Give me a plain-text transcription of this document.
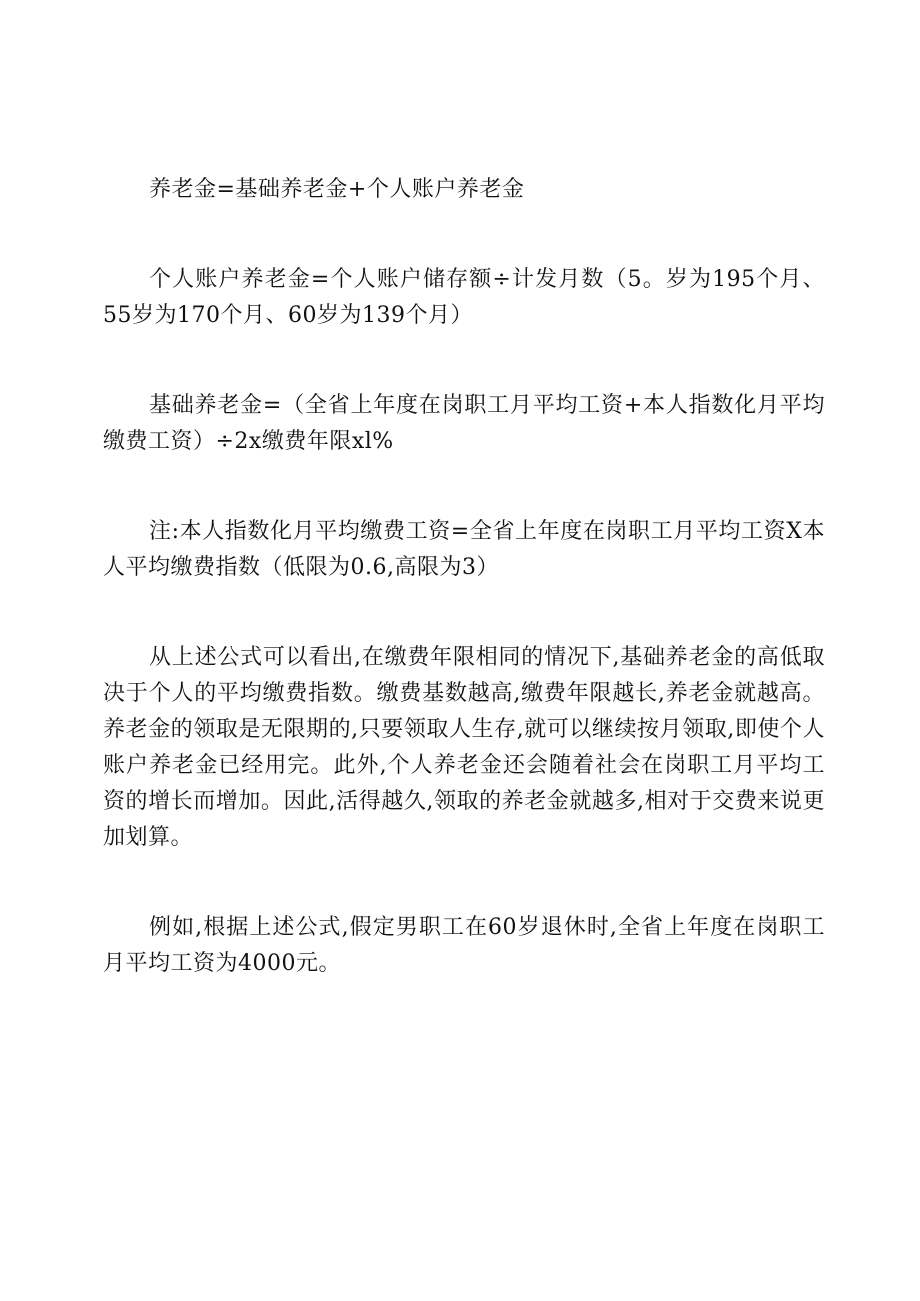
养老金=基础养老金+个人账户养老金

个人账户养老金=个人账户储存额÷计发月数（5。岁为195个月、55岁为170个月、60岁为139个月）

基础养老金=（全省上年度在岗职工月平均工资+本人指数化月平均缴费工资）÷2x缴费年限xl%

注:本人指数化月平均缴费工资=全省上年度在岗职工月平均工资X本人平均缴费指数（低限为0.6,高限为3）

从上述公式可以看出,在缴费年限相同的情况下,基础养老金的高低取决于个人的平均缴费指数。缴费基数越高,缴费年限越长,养老金就越高。养老金的领取是无限期的,只要领取人生存,就可以继续按月领取,即使个人账户养老金已经用完。此外,个人养老金还会随着社会在岗职工月平均工资的增长而增加。因此,活得越久,领取的养老金就越多,相对于交费来说更加划算。

例如,根据上述公式,假定男职工在60岁退休时,全省上年度在岗职工月平均工资为4000元。
